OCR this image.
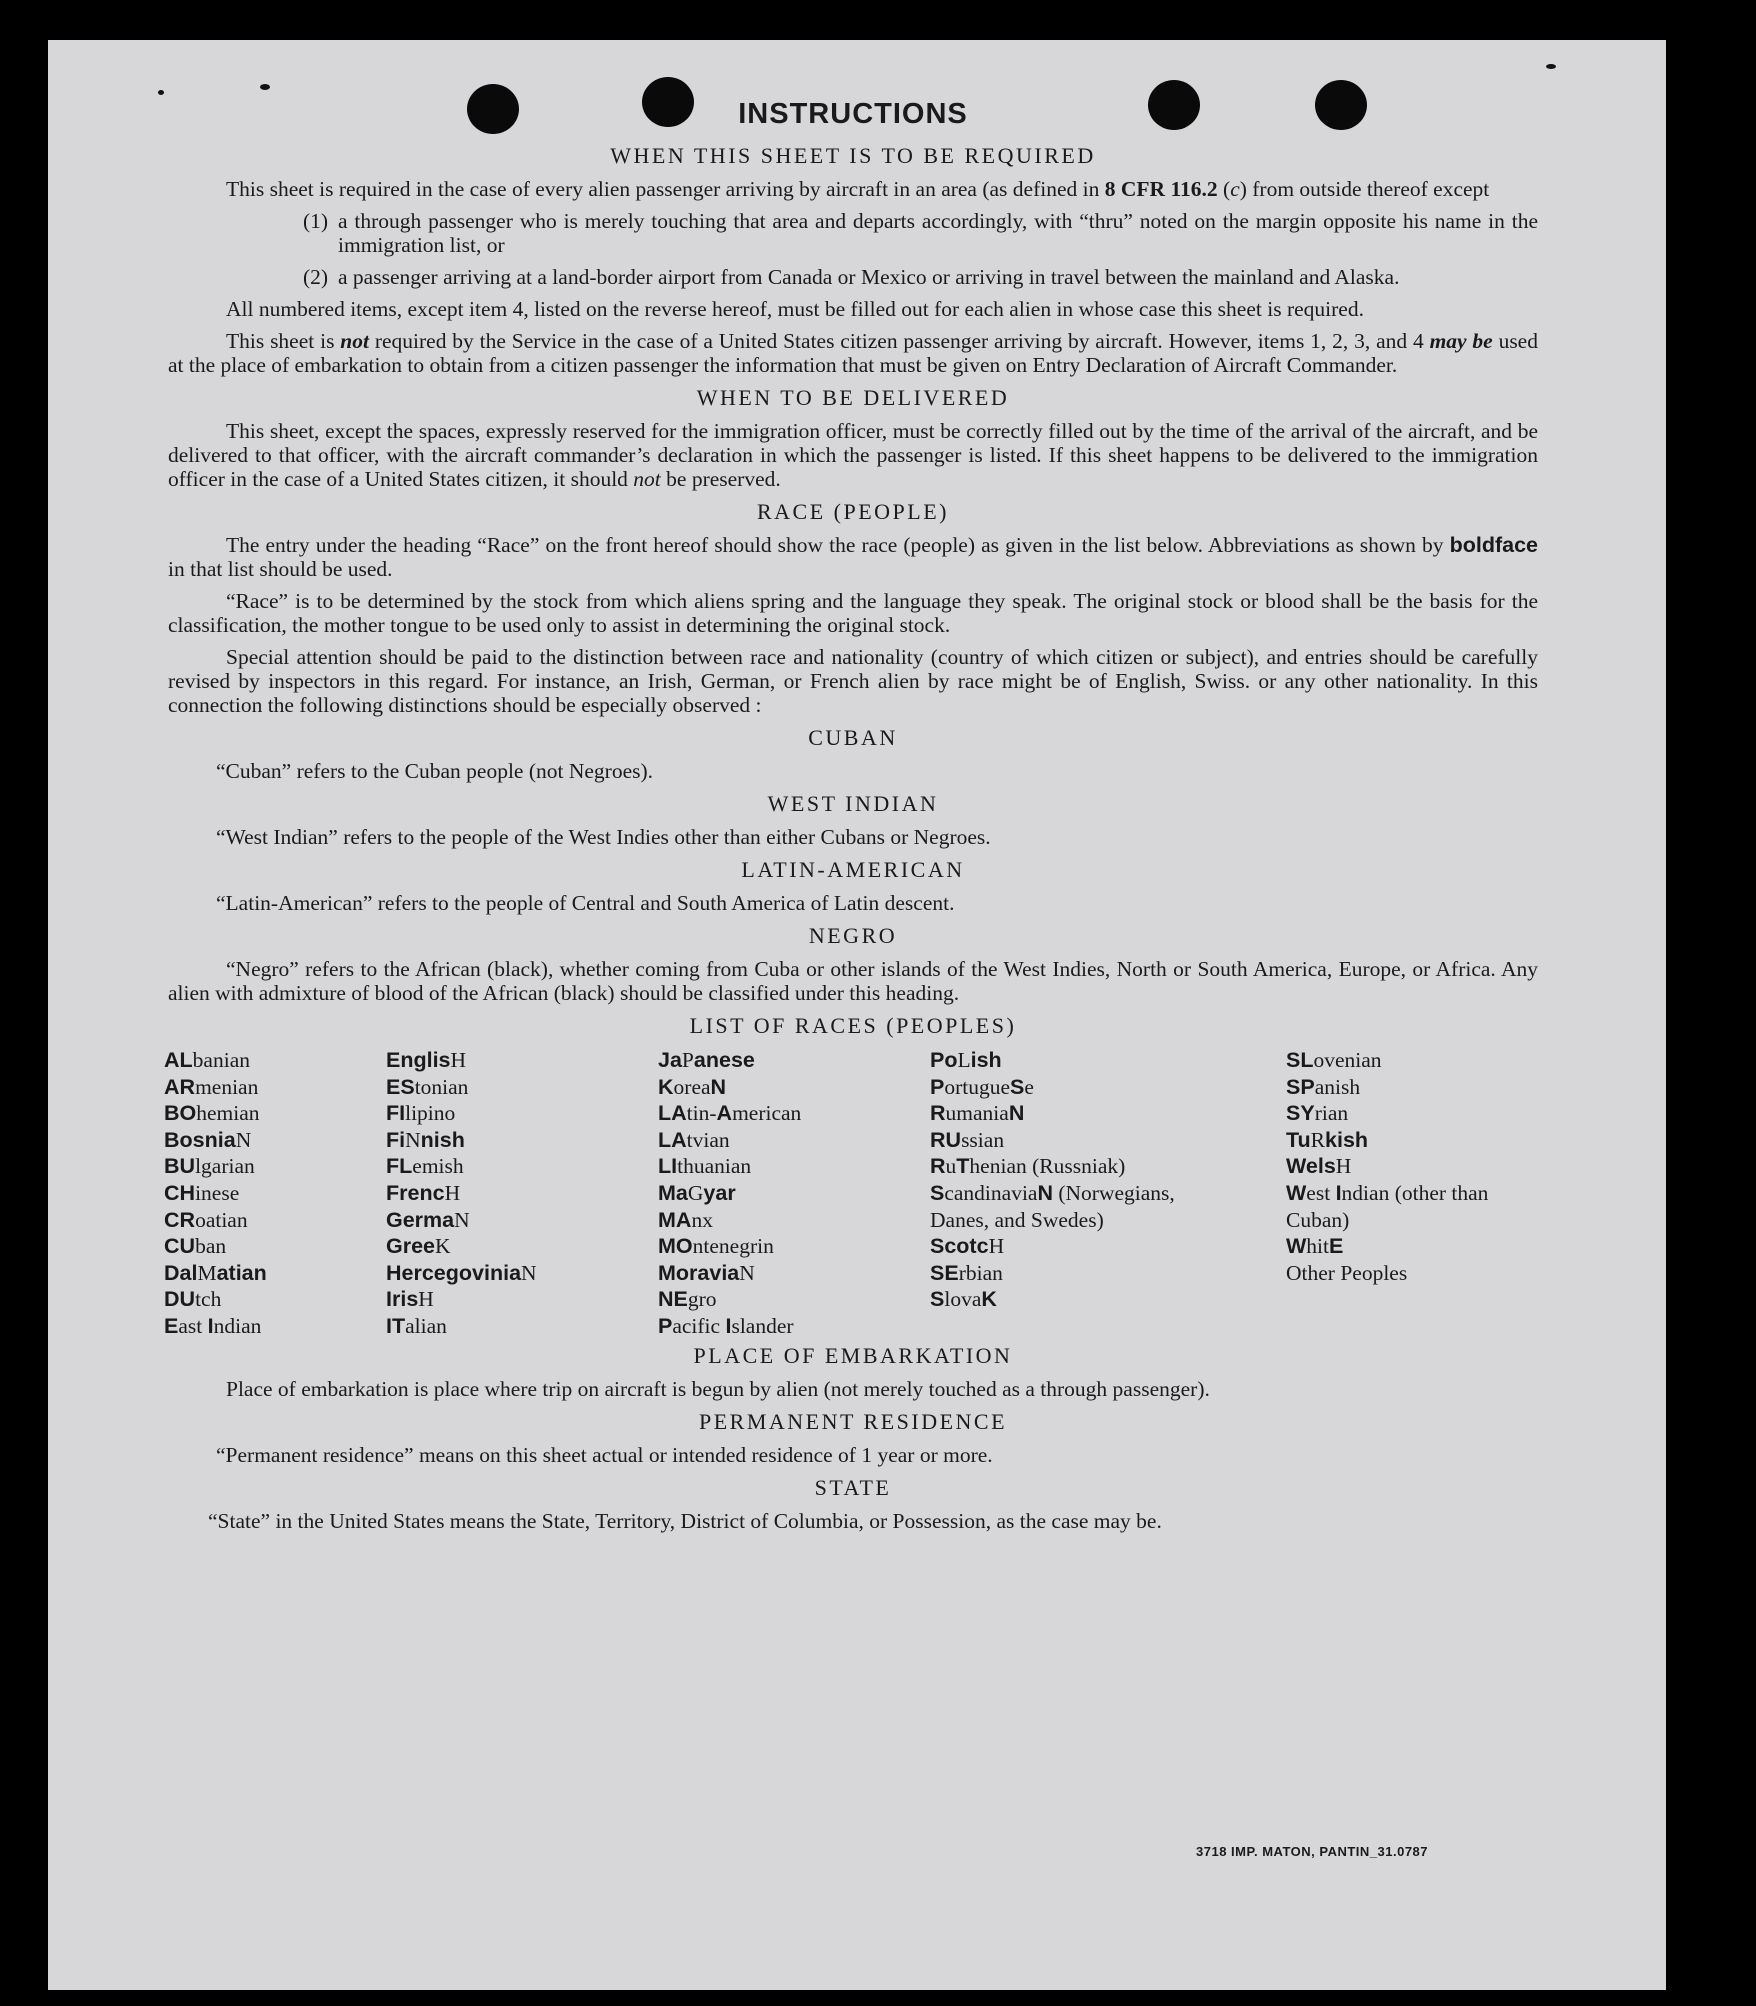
INSTRUCTIONS
WHEN THIS SHEET IS TO BE REQUIRED

This sheet is required in the case of every alien passenger arriving by aircraft in an area (as defined in 8 CFR 116.2 (c) from outside thereof except

(1) a through passenger who is merely touching that area and departs accordingly, with “thru” noted on the margin opposite his name in the immigration list, or

(2) a passenger arriving at a land-border airport from Canada or Mexico or arriving in travel between the mainland and Alaska.

All numbered items, except item 4, listed on the reverse hereof, must be filled out for each alien in whose case this sheet is required.

This sheet is not required by the Service in the case of a United States citizen passenger arriving by aircraft. However, items 1, 2, 3, and 4 may be used at the place of embarkation to obtain from a citizen passenger the information that must be given on Entry Declaration of Aircraft Commander.

WHEN TO BE DELIVERED

This sheet, except the spaces, expressly reserved for the immigration officer, must be correctly filled out by the time of the arrival of the aircraft, and be delivered to that officer, with the aircraft commander’s declaration in which the passenger is listed. If this sheet happens to be delivered to the immigration officer in the case of a United States citizen, it should not be preserved.

RACE (PEOPLE)

The entry under the heading “Race” on the front hereof should show the race (people) as given in the list below. Abbreviations as shown by boldface in that list should be used.

“Race” is to be determined by the stock from which aliens spring and the language they speak. The original stock or blood shall be the basis for the classification, the mother tongue to be used only to assist in determining the original stock.

Special attention should be paid to the distinction between race and nationality (country of which citizen or subject), and entries should be carefully revised by inspectors in this regard. For instance, an Irish, German, or French alien by race might be of English, Swiss. or any other nationality. In this connection the following distinctions should be especially observed :

CUBAN

“Cuban” refers to the Cuban people (not Negroes).

WEST INDIAN

“West Indian” refers to the people of the West Indies other than either Cubans or Negroes.

LATIN-AMERICAN

“Latin-American” refers to the people of Central and South America of Latin descent.

NEGRO

“Negro” refers to the African (black), whether coming from Cuba or other islands of the West Indies, North or South America, Europe, or Africa. Any alien with admixture of blood of the African (black) should be classified under this heading.

LIST OF RACES (PEOPLES)
ALbanian
ARmenian
BOhemian
BosniaN
BUlgarian
CHinese
CRoatian
CUban
DalMatian
DUtch
East Indian
EnglisH
EStonian
FIlipino
FiNnish
FLemish
FrencH
GermaN
GreeK
HercegoviniaN
IrisH
ITalian
JaPanese
KoreaN
LAtin-American
LAtvian
LIthuanian
MaGyar
MAnx
MOntenegrin
MoraviaN
NEgro
Pacific Islander
PoLish
PortugueSe
RumaniaN
RUssian
RuThenian (Russniak)
ScandinaviaN (Norwegians, Danes, and Swedes)
ScotcH
SErbian
SlovaK
SLovenian
SPanish
SYrian
TuRkish
WelsH
West Indian (other than Cuban)
WhitE
Other Peoples
PLACE OF EMBARKATION

Place of embarkation is place where trip on aircraft is begun by alien (not merely touched as a through passenger).

PERMANENT RESIDENCE

“Permanent residence” means on this sheet actual or intended residence of 1 year or more.

STATE

“State” in the United States means the State, Territory, District of Columbia, or Possession, as the case may be.

3718 IMP. MATON, PANTIN_31.0787
